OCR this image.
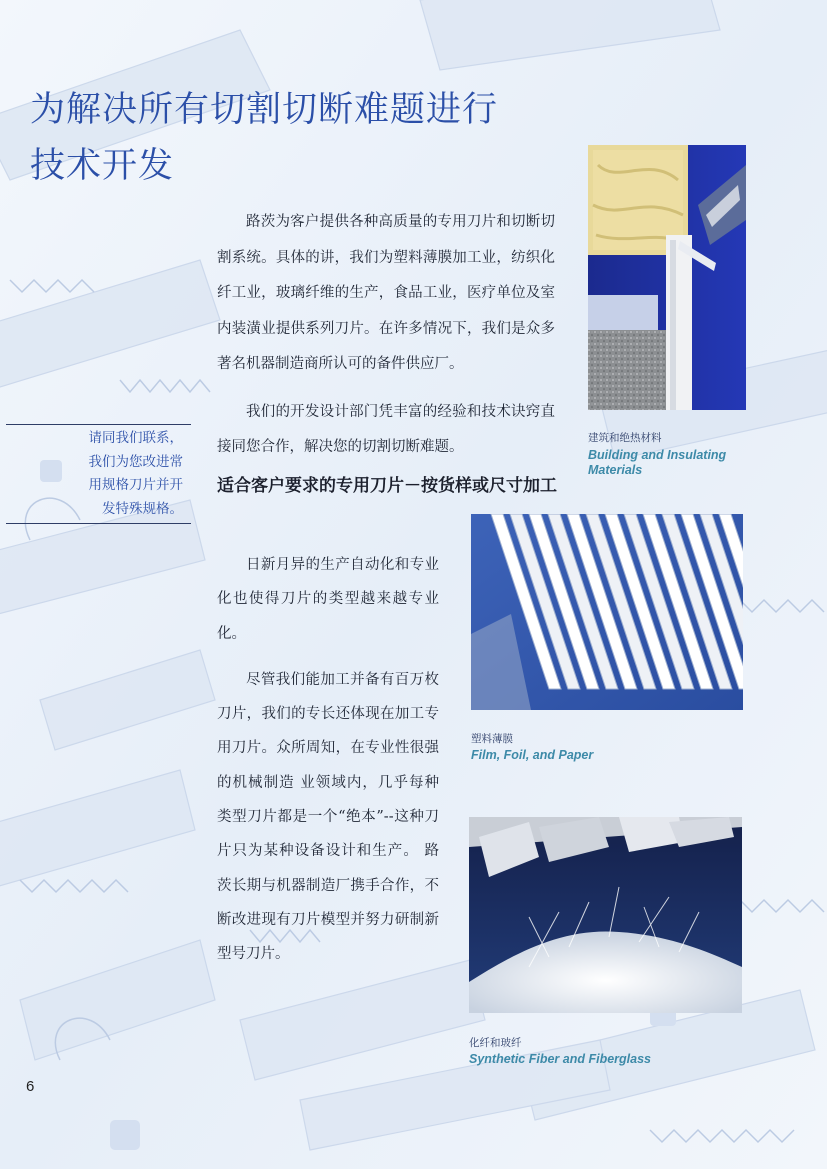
为解决所有切割切断难题进行
技术开发

路茨为客户提供各种高质量的专用刀片和切断切割系统。具体的讲，我们为塑料薄膜加工业，纺织化纤工业，玻璃纤维的生产，食品工业，医疗单位及室内装潢业提供系列刀片。在许多情况下，我们是众多著名机器制造商所认可的备件供应厂。

我们的开发设计部门凭丰富的经验和技术诀窍直接同您合作，解决您的切割切断难题。

请同我们联系，
我们为您改进常
用规格刀片并开
发特殊规格。
适合客户要求的专用刀片－按货样或尺寸加工

日新月异的生产自动化和专业化也使得刀片的类型越来越专业化。

尽管我们能加工并备有百万枚刀片，我们的专长还体现在加工专用刀片。众所周知，在专业性很强的机械制造 业领域内，几乎每种类型刀片都是一个“绝本”--这种刀片只为某种设备设计和生产。 路茨长期与机器制造厂携手合作，不断改进现有刀片模型并努力研制新型号刀片。

建筑和绝热材料
Building and Insulating Materials
塑料薄膜
Film, Foil, and Paper
化纤和玻纤
Synthetic Fiber and Fiberglass
6
